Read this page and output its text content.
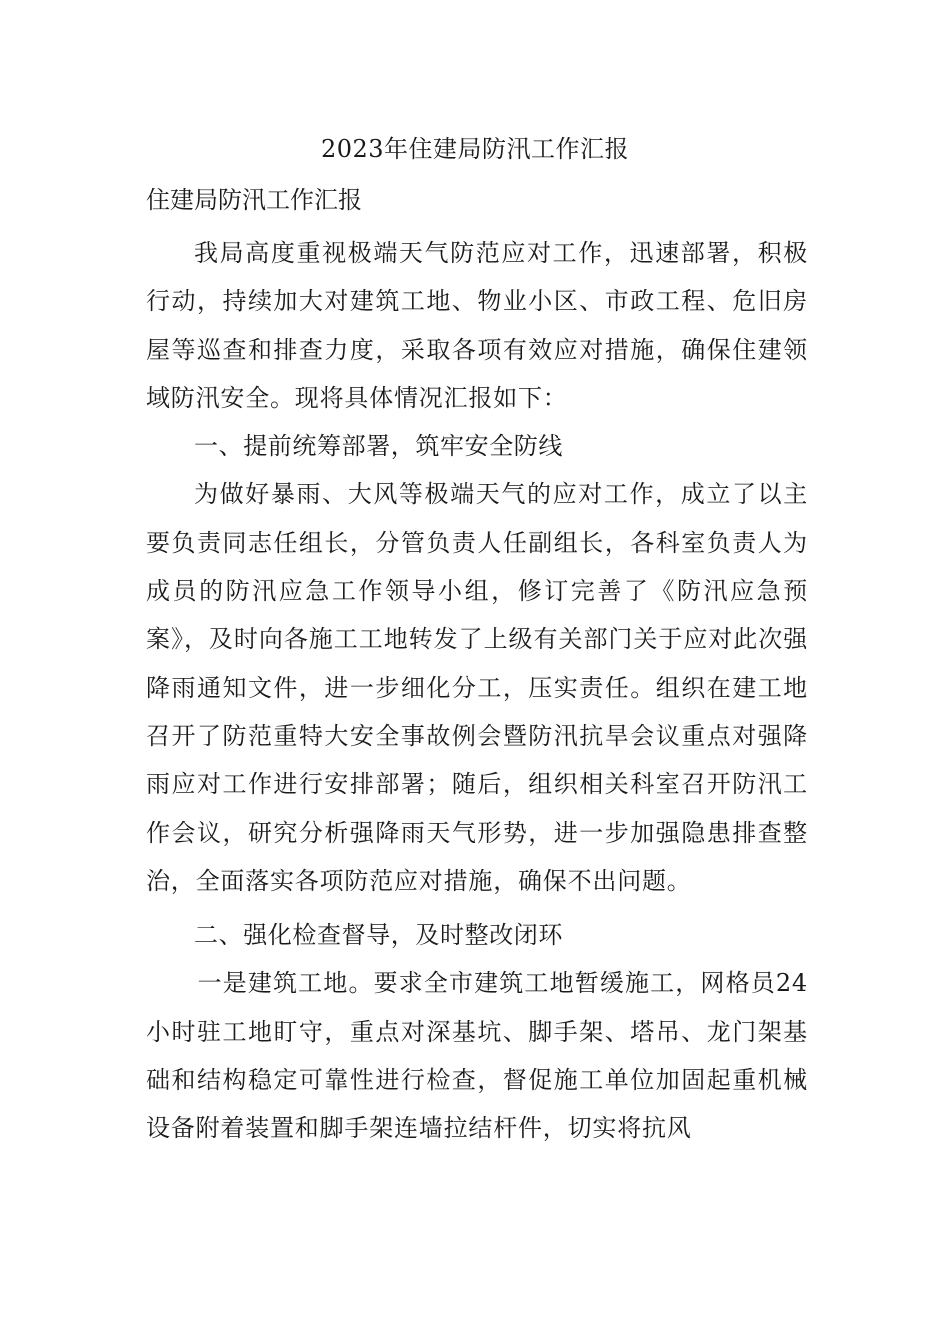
2023年住建局防汛工作汇报
住建局防汛工作汇报

我局高度重视极端天气防范应对工作，迅速部署，积极行动，持续加大对建筑工地、物业小区、市政工程、危旧房屋等巡查和排查力度，采取各项有效应对措施，确保住建领域防汛安全。现将具体情况汇报如下：

一、提前统筹部署，筑牢安全防线

为做好暴雨、大风等极端天气的应对工作，成立了以主要负责同志任组长，分管负责人任副组长，各科室负责人为成员的防汛应急工作领导小组，修订完善了《防汛应急预案》，及时向各施工工地转发了上级有关部门关于应对此次强降雨通知文件，进一步细化分工，压实责任。组织在建工地召开了防范重特大安全事故例会暨防汛抗旱会议重点对强降雨应对工作进行安排部署；随后，组织相关科室召开防汛工作会议，研究分析强降雨天气形势，进一步加强隐患排查整治，全面落实各项防范应对措施，确保不出问题。

二、强化检查督导，及时整改闭环

一是建筑工地。要求全市建筑工地暂缓施工，网格员24小时驻工地盯守，重点对深基坑、脚手架、塔吊、龙门架基础和结构稳定可靠性进行检查，督促施工单位加固起重机械设备附着装置和脚手架连墙拉结杆件，切实将抗风
